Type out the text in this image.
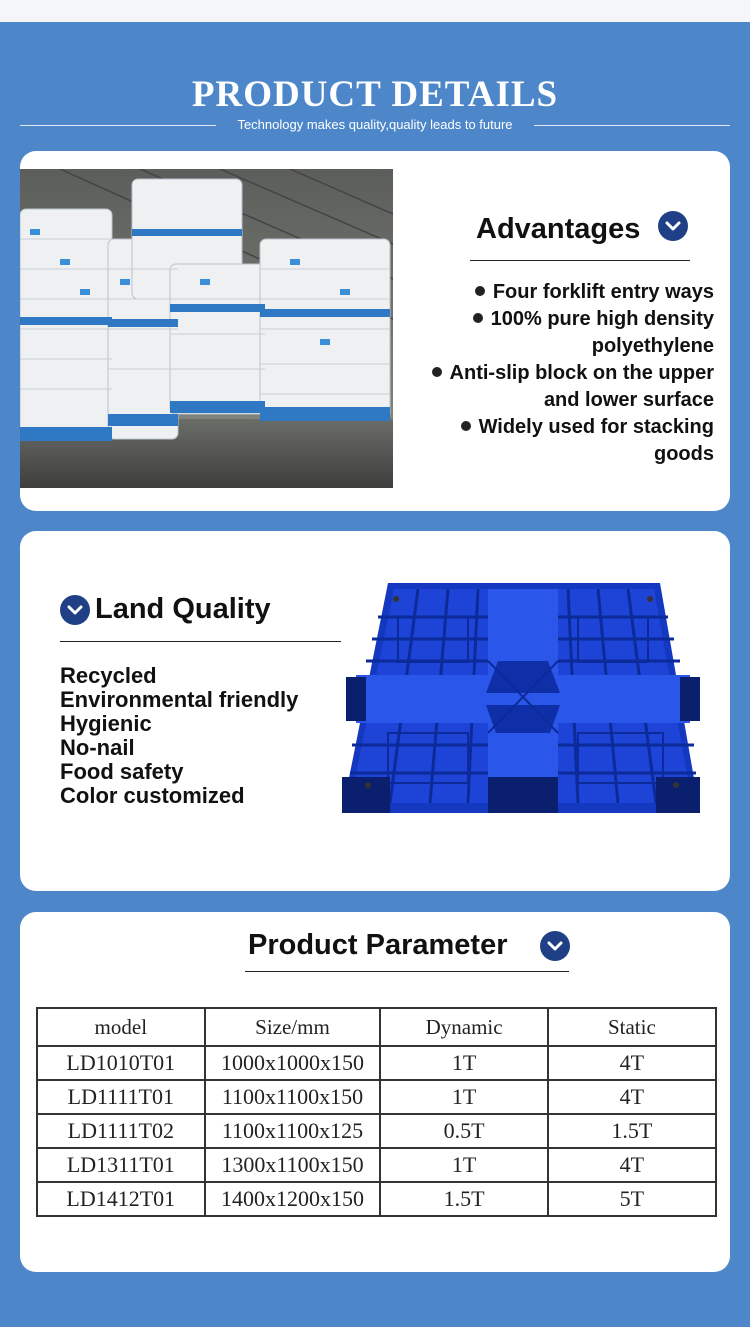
PRODUCT DETAILS
Technology makes quality,quality leads to future
Advantages
Four forklift entry ways
100% pure high density
polyethylene
Anti-slip block on the upper
and lower surface
Widely used for stacking
goods
Land Quality
Recycled
Environmental friendly
Hygienic
No-nail
Food safety
Color customized
Product Parameter
model	Size/mm	Dynamic	Static
LD1010T01	1000x1000x150	1T	4T
LD1111T01	1100x1100x150	1T	4T
LD1111T02	1100x1100x125	0.5T	1.5T
LD1311T01	1300x1100x150	1T	4T
LD1412T01	1400x1200x150	1.5T	5T
